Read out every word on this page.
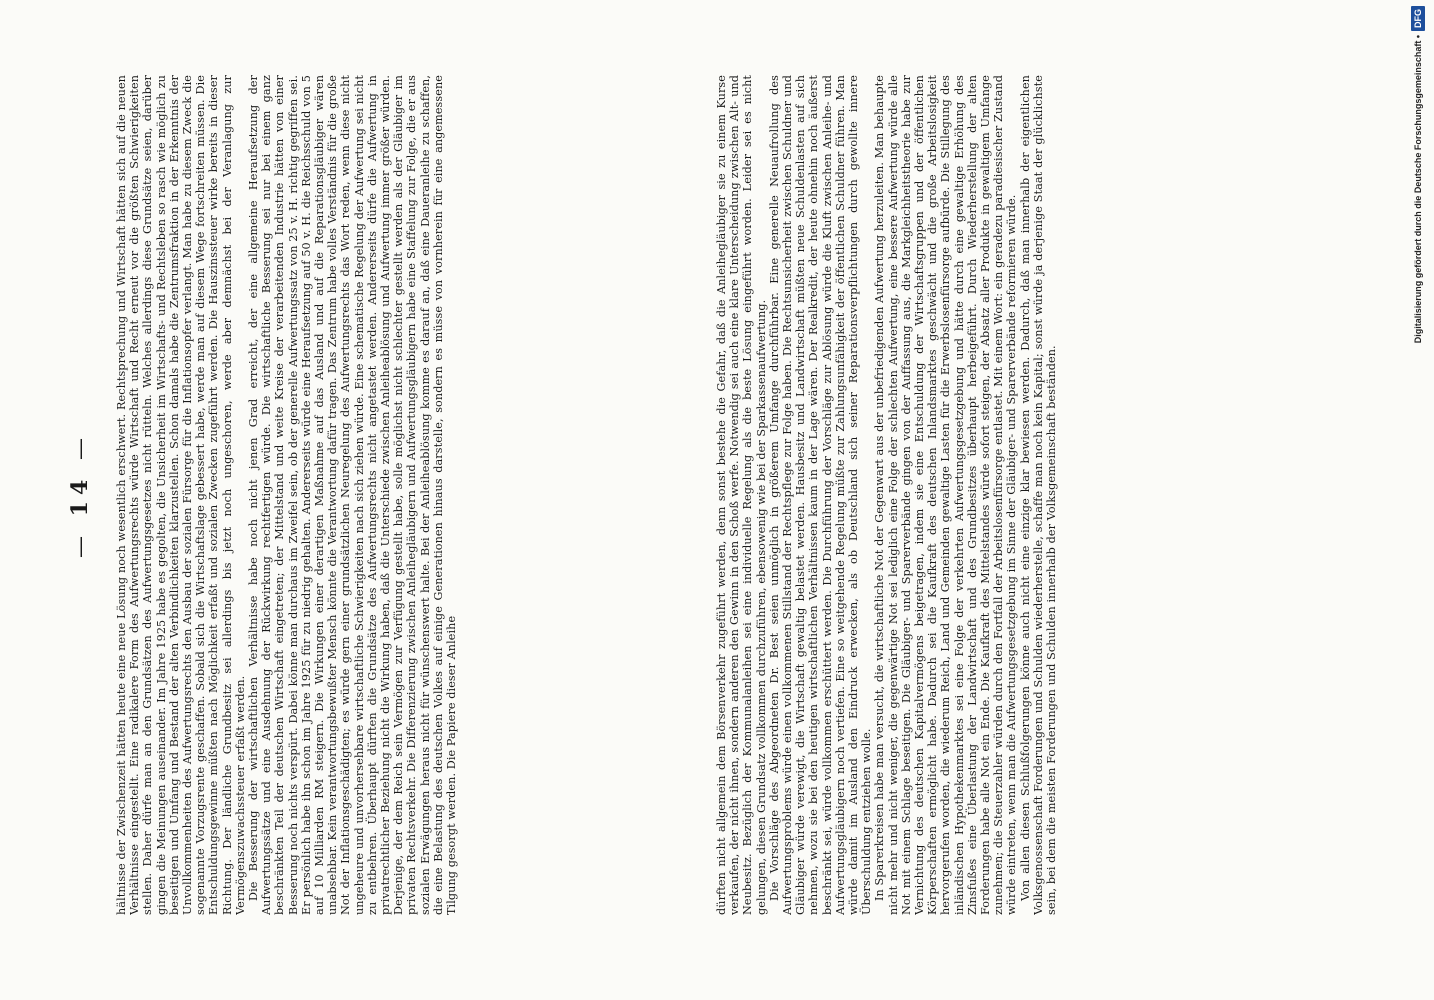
— 14 — hältnisse der Zwischenzeit hätten heute eine neue Lösung noch wesentlich erschwert. Rechtsprechung und Wirtschaft hätten sich auf die neuen Verhältnisse eingestellt. Eine radikalere Form des Aufwertungsrechts würde Wirtschaft und Recht erneut vor die größten Schwierigkeiten stellen. Daher dürfe man an den Grundsätzen des Aufwertungsgesetzes nicht rütteln. Welches allerdings diese Grundsätze seien, darüber gingen die Meinungen auseinander. Im Jahre 1925 habe es gegolten, die Unsicherheit im Wirtschafts- und Rechtsleben so rasch wie möglich zu beseitigen und Umfang und Bestand der alten Verbindlichkeiten klarzustellen. Schon damals habe die Zentrumsfraktion in der Erkenntnis der Unvollkommenheiten des Aufwertungsrechts den Ausbau der sozialen Fürsorge für die Inflationsopfer verlangt. Man habe zu diesem Zweck die sogenannte Vorzugsrente geschaffen. Sobald sich die Wirtschaftslage gebessert habe, werde man auf diesem Wege fortschreiten müssen. Die Entschuldungsgewinne müßten nach Möglichkeit erfaßt und sozialen Zwecken zugeführt werden. Die Hauszinssteuer wirke bereits in dieser Richtung. Der ländliche Grundbesitz sei allerdings bis jetzt noch ungeschoren, werde aber demnächst bei der Veranlagung zur Vermögenszuwachssteuer erfaßt werden. Die Besserung der wirtschaftlichen Verhältnisse habe noch nicht jenen Grad erreicht, der eine allgemeine Heraufsetzung der Aufwertungssätze und eine Ausdehnung der Rückwirkung rechtfertigen würde. Die wirtschaftliche Besserung sei nur bei einem ganz beschränkten Teil der deutschen Wirtschaft eingetreten; der Mittelstand und weite Kreise der verarbeitenden Industrie hätten von einer Besserung noch nichts verspürt. Dabei könne man durchaus im Zweifel sein, ob der generelle Aufwertungssatz von 25 v. H. richtig gegriffen sei. Er persönlich habe ihn schon im Jahre 1925 für zu niedrig gehalten. Andererseits würde eine Heraufsetzung auf 50 v. H. die Reichsschuld von 5 auf 10 Milliarden RM steigern. Die Wirkungen einer derartigen Maßnahme auf das Ausland und auf die Reparationsgläubiger wären unabsehbar. Kein verantwortungsbewußter Mensch könnte die Verantwortung dafür tragen. Das Zentrum habe volles Verständnis für die große Not der Inflationsgeschädigten; es würde gern einer grundsätzlichen Neuregelung des Aufwertungsrechts das Wort reden, wenn diese nicht ungeheure und unvorhersehbare wirtschaftliche Schwierigkeiten nach sich ziehen würde. Eine schematische Regelung der Aufwertung sei nicht zu entbehren. Überhaupt dürften die Grundsätze des Aufwertungsrechts nicht angetastet werden. Andererseits dürfe die Aufwertung in privatrechtlicher Beziehung nicht die Wirkung haben, daß die Unterschiede zwischen Anleiheablösung und Aufwertung immer größer würden. Derjenige, der dem Reich sein Vermögen zur Verfügung gestellt habe, solle möglichst nicht schlechter gestellt werden als der Gläubiger im privaten Rechtsverkehr. Die Differenzierung zwischen Anleihegläubigern und Aufwertungsgläubigern habe eine Staffelung zur Folge, die er aus sozialen Erwägungen heraus nicht für wünschenswert halte. Bei der Anleiheablösung komme es darauf an, daß eine Daueranleihe zu schaffen, die eine Belastung des deutschen Volkes auf einige Generationen hinaus darstelle, sondern es müsse von vornherein für eine angemessene Tilgung gesorgt werden. Die Papiere dieser Anleihe	dürften nicht allgemein dem Börsenverkehr zugeführt werden, denn sonst bestehe die Gefahr, daß die Anleihegläubiger sie zu einem Kurse verkaufen, der nicht ihnen, sondern anderen den Gewinn in den Schoß werfe. Notwendig sei auch eine klare Unterscheidung zwischen Alt- und Neubesitz. Bezüglich der Kommunalanleihen sei eine individuelle Regelung als die beste Lösung eingeführt worden. Leider sei es nicht gelungen, diesen Grundsatz vollkommen durchzuführen, ebensowenig wie bei der Sparkassenaufwertung. Die Vorschläge des Abgeordneten Dr. Best seien unmöglich in größerem Umfange durchführbar. Eine generelle Neuaufrollung des Aufwertungsproblems würde einen vollkommenen Stillstand der Rechtspflege zur Folge haben. Die Rechtsunsicherheit zwischen Schuldner und Gläubiger würde verewigt, die Wirtschaft gewaltig belastet werden. Hausbesitz und Landwirtschaft müßten neue Schuldenlasten auf sich nehmen, wozu sie bei den heutigen wirtschaftlichen Verhältnissen kaum in der Lage wären. Der Realkredit, der heute ohnehin noch äußerst beschränkt sei, würde vollkommen erschüttert werden. Die Durchführung der Vorschläge zur Ablösung würde die Kluft zwischen Anleihe- und Aufwertungsgläubigern noch vertiefen. Eine so weitgehende Regelung müßte zur Zahlungsunfähigkeit der öffentlichen Schuldner führen. Man würde damit im Ausland den Eindruck erwecken, als ob Deutschland sich seiner Reparationsverpflichtungen durch gewollte innere Überschuldung entziehen wolle. In Sparerkreisen habe man versucht, die wirtschaftliche Not der Gegenwart aus der unbefriedigenden Aufwertung herzuleiten. Man behaupte nicht mehr und nicht weniger, die gegenwärtige Not sei lediglich eine Folge der schlechten Aufwertung, eine bessere Aufwertung würde alle Not mit einem Schlage beseitigen. Die Gläubiger- und Sparerverbände gingen von der Auffassung aus, die Markgleichheitstheorie habe zur Vernichtung des deutschen Kapitalvermögens beigetragen, indem sie eine Entschuldung der Wirtschaftsgruppen und der öffentlichen Körperschaften ermöglicht habe. Dadurch sei die Kaufkraft des deutschen Inlandsmarktes geschwächt und die große Arbeitslosigkeit hervorgerufen worden, die wiederum Reich, Land und Gemeinden gewaltige Lasten für die Erwerbslosenfürsorge aufbürde. Die Stillegung des inländischen Hypothekenmarktes sei eine Folge der verkehrten Aufwertungsgesetzgebung und hätte durch eine gewaltige Erhöhung des Zinsfußes eine Überlastung der Landwirtschaft und des Grundbesitzes überhaupt herbeigeführt. Durch Wiederherstellung der alten Forderungen habe alle Not ein Ende. Die Kaufkraft des Mittelstandes würde sofort steigen, der Absatz aller Produkte in gewaltigem Umfange zunehmen; die Steuerzahler würden durch den Fortfall der Arbeitslosenfürsorge entlastet. Mit einem Wort: ein geradezu paradiesischer Zustand würde eintreten, wenn man die Aufwertungsgesetzgebung im Sinne der Gläubiger- und Sparerverbände reformieren würde. Von allen diesen Schlußfolgerungen könne auch nicht eine einzige klar bewiesen werden. Dadurch, daß man innerhalb der eigentlichen Volksgenossenschaft Forderungen und Schulden wiederherstelle, schaffe man noch kein Kapital; sonst würde ja derjenige Staat der glücklichste sein, bei dem die meisten Forderungen und Schulden innerhalb der Volksgemeinschaft beständen.

Digitalisierung gefördert durch die Deutsche Forschungsgemeinschaft •
DFG
